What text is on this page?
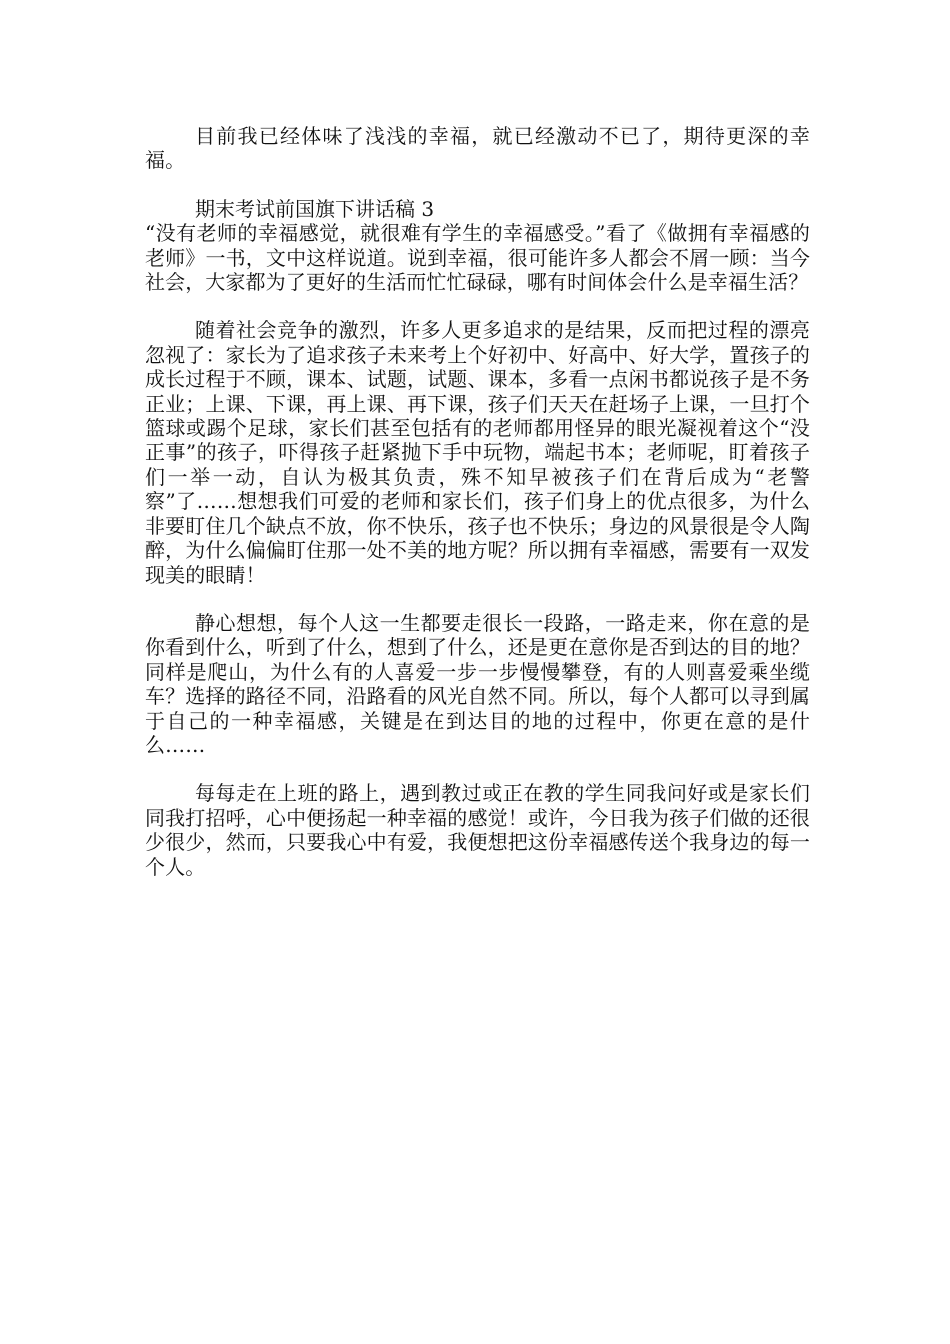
目前我已经体味了浅浅的幸福，就已经激动不已了，期待更深的幸福。

期末考试前国旗下讲话稿 3

“没有老师的幸福感觉，就很难有学生的幸福感受。”看了《做拥有幸福感的老师》一书，文中这样说道。说到幸福，很可能许多人都会不屑一顾：当今社会，大家都为了更好的生活而忙忙碌碌，哪有时间体会什么是幸福生活？

随着社会竞争的激烈，许多人更多追求的是结果，反而把过程的漂亮忽视了：家长为了追求孩子未来考上个好初中、好高中、好大学，置孩子的成长过程于不顾，课本、试题，试题、课本，多看一点闲书都说孩子是不务正业；上课、下课，再上课、再下课，孩子们天天在赶场子上课，一旦打个篮球或踢个足球，家长们甚至包括有的老师都用怪异的眼光凝视着这个“没正事”的孩子，吓得孩子赶紧抛下手中玩物，端起书本；老师呢，盯着孩子们一举一动，自认为极其负责，殊不知早被孩子们在背后成为“老警察”了……想想我们可爱的老师和家长们，孩子们身上的优点很多，为什么非要盯住几个缺点不放，你不快乐，孩子也不快乐；身边的风景很是令人陶醉，为什么偏偏盯住那一处不美的地方呢？所以拥有幸福感，需要有一双发现美的眼睛！

静心想想，每个人这一生都要走很长一段路，一路走来，你在意的是你看到什么，听到了什么，想到了什么，还是更在意你是否到达的目的地？同样是爬山，为什么有的人喜爱一步一步慢慢攀登，有的人则喜爱乘坐缆车？选择的路径不同，沿路看的风光自然不同。所以，每个人都可以寻到属于自己的一种幸福感，关键是在到达目的地的过程中，你更在意的是什么……

每每走在上班的路上，遇到教过或正在教的学生同我问好或是家长们同我打招呼，心中便扬起一种幸福的感觉！或许，今日我为孩子们做的还很少很少，然而，只要我心中有爱，我便想把这份幸福感传送个我身边的每一个人。
